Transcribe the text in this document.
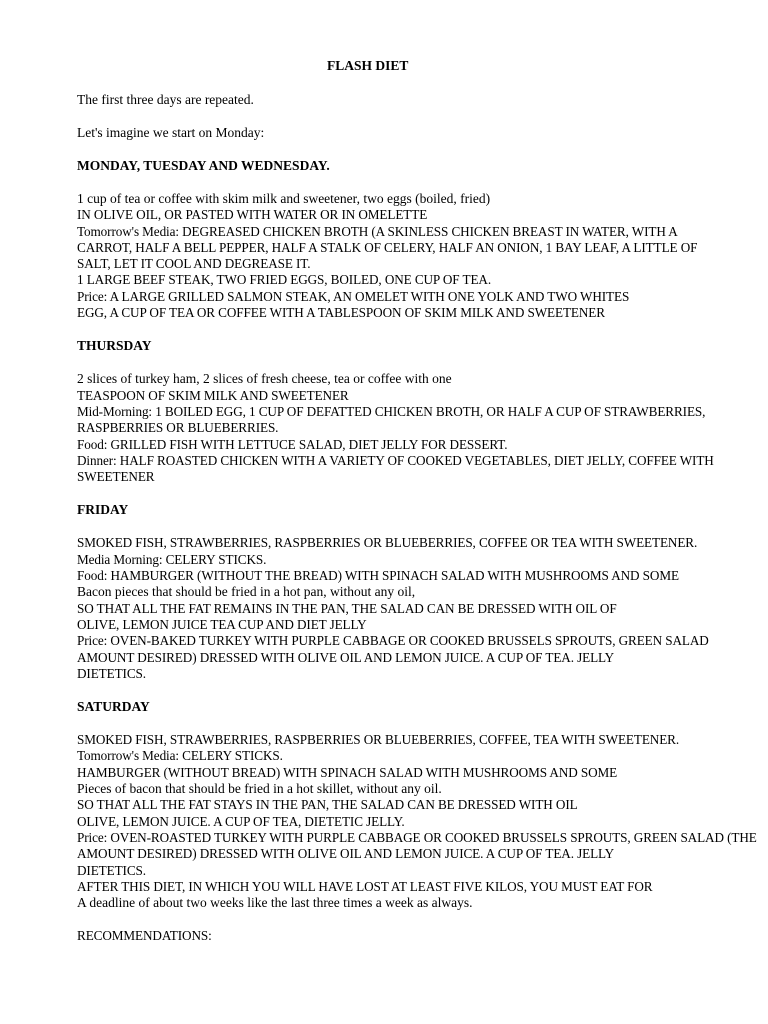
FLASH DIET
The first three days are repeated.
Let's imagine we start on Monday:
MONDAY, TUESDAY AND WEDNESDAY.
1 cup of tea or coffee with skim milk and sweetener, two eggs (boiled, fried)
IN OLIVE OIL, OR PASTED WITH WATER OR IN OMELETTE
Tomorrow's Media: DEGREASED CHICKEN BROTH (A SKINLESS CHICKEN BREAST IN WATER, WITH A
CARROT, HALF A BELL PEPPER, HALF A STALK OF CELERY, HALF AN ONION, 1 BAY LEAF, A LITTLE OF
SALT, LET IT COOL AND DEGREASE IT.
1 LARGE BEEF STEAK, TWO FRIED EGGS, BOILED, ONE CUP OF TEA.
Price: A LARGE GRILLED SALMON STEAK, AN OMELET WITH ONE YOLK AND TWO WHITES
EGG, A CUP OF TEA OR COFFEE WITH A TABLESPOON OF SKIM MILK AND SWEETENER
THURSDAY
2 slices of turkey ham, 2 slices of fresh cheese, tea or coffee with one
TEASPOON OF SKIM MILK AND SWEETENER
Mid-Morning: 1 BOILED EGG, 1 CUP OF DEFATTED CHICKEN BROTH, OR HALF A CUP OF STRAWBERRIES,
RASPBERRIES OR BLUEBERRIES.
Food: GRILLED FISH WITH LETTUCE SALAD, DIET JELLY FOR DESSERT.
Dinner: HALF ROASTED CHICKEN WITH A VARIETY OF COOKED VEGETABLES, DIET JELLY, COFFEE WITH
SWEETENER
FRIDAY
SMOKED FISH, STRAWBERRIES, RASPBERRIES OR BLUEBERRIES, COFFEE OR TEA WITH SWEETENER.
Media Morning: CELERY STICKS.
Food: HAMBURGER (WITHOUT THE BREAD) WITH SPINACH SALAD WITH MUSHROOMS AND SOME
Bacon pieces that should be fried in a hot pan, without any oil,
SO THAT ALL THE FAT REMAINS IN THE PAN, THE SALAD CAN BE DRESSED WITH OIL OF
OLIVE, LEMON JUICE TEA CUP AND DIET JELLY
Price: OVEN-BAKED TURKEY WITH PURPLE CABBAGE OR COOKED BRUSSELS SPROUTS, GREEN SALAD
AMOUNT DESIRED) DRESSED WITH OLIVE OIL AND LEMON JUICE. A CUP OF TEA. JELLY
DIETETICS.
SATURDAY
SMOKED FISH, STRAWBERRIES, RASPBERRIES OR BLUEBERRIES, COFFEE, TEA WITH SWEETENER.
Tomorrow's Media: CELERY STICKS.
HAMBURGER (WITHOUT BREAD) WITH SPINACH SALAD WITH MUSHROOMS AND SOME
Pieces of bacon that should be fried in a hot skillet, without any oil.
SO THAT ALL THE FAT STAYS IN THE PAN, THE SALAD CAN BE DRESSED WITH OIL
OLIVE, LEMON JUICE. A CUP OF TEA, DIETETIC JELLY.
Price: OVEN-ROASTED TURKEY WITH PURPLE CABBAGE OR COOKED BRUSSELS SPROUTS, GREEN SALAD (THE
AMOUNT DESIRED) DRESSED WITH OLIVE OIL AND LEMON JUICE. A CUP OF TEA. JELLY
DIETETICS.
AFTER THIS DIET, IN WHICH YOU WILL HAVE LOST AT LEAST FIVE KILOS, YOU MUST EAT FOR
A deadline of about two weeks like the last three times a week as always.
RECOMMENDATIONS:
